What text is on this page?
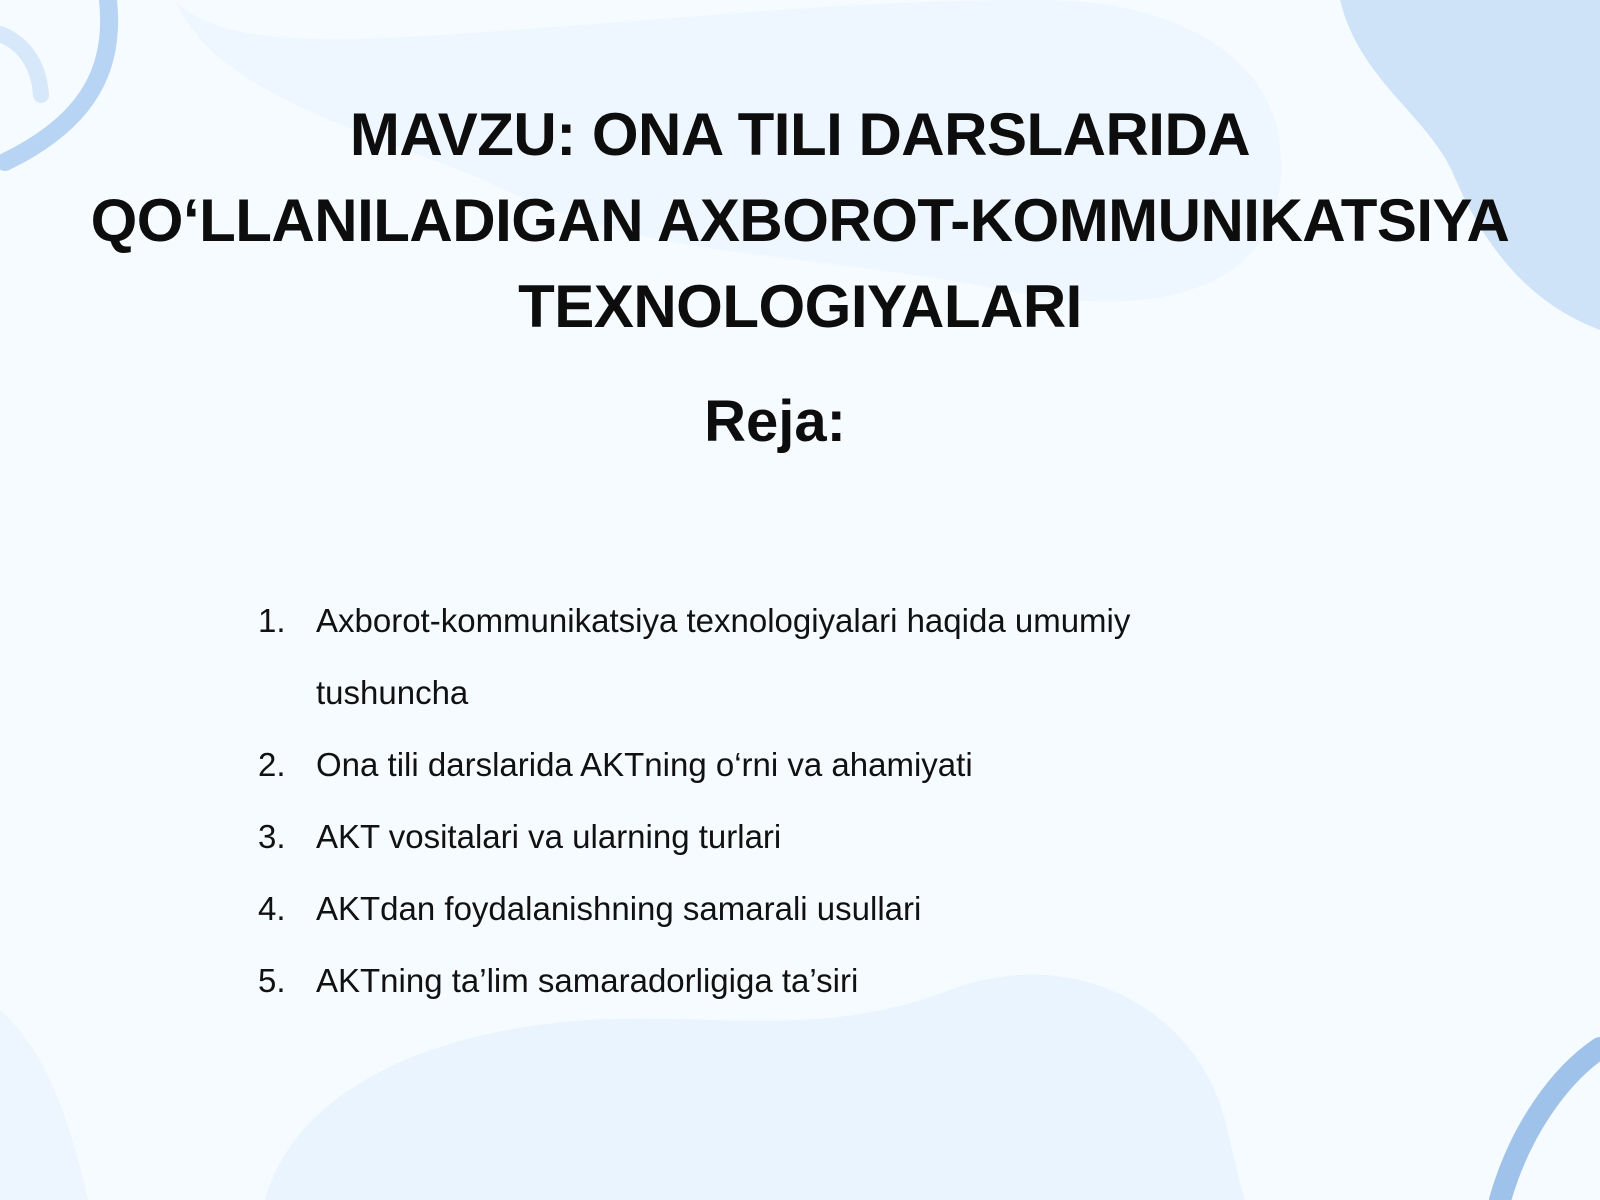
MAVZU: ONA TILI DARSLARIDA
QO‘LLANILADIGAN AXBOROT-KOMMUNIKATSIYA
TEXNOLOGIYALARI
Reja:
1. Axborot-kommunikatsiya texnologiyalari haqida umumiy tushuncha
2. Ona tili darslarida AKTning o‘rni va ahamiyati
3. AKT vositalari va ularning turlari
4. AKTdan foydalanishning samarali usullari
5. AKTning ta’lim samaradorligiga ta’siri
